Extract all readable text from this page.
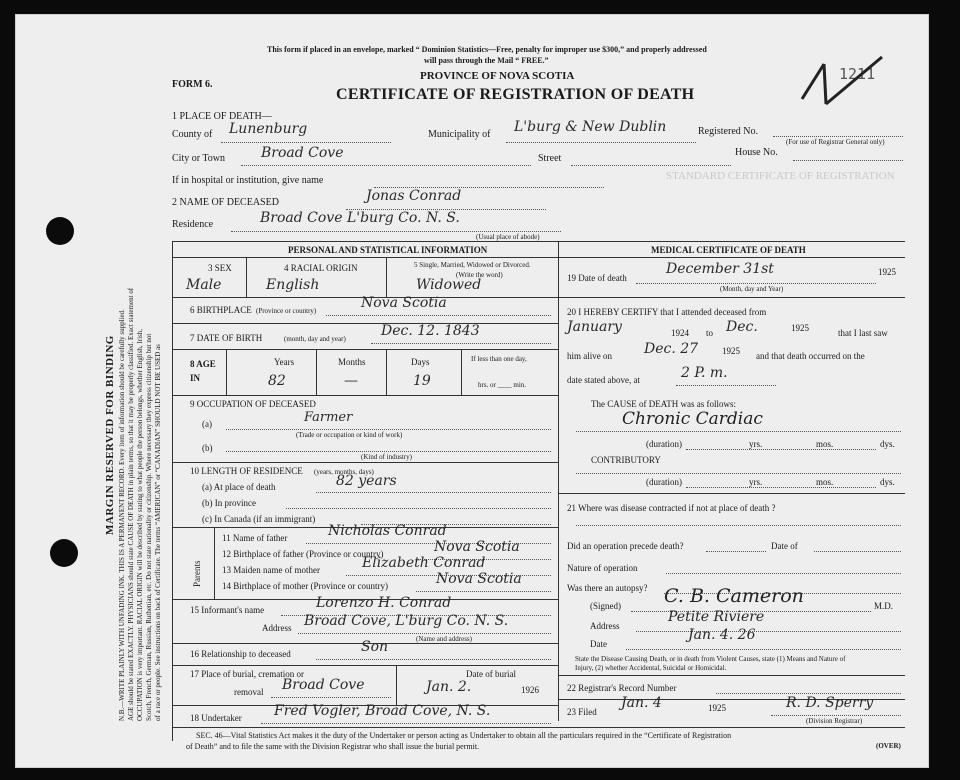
MARGIN RESERVED FOR BINDING N.B.—WRITE PLAINLY WITH UNFADING INK. THIS IS A PERMANENT RECORD. Every item of information should be carefully supplied. AGE should be stated EXACTLY. PHYSICIANS should state CAUSE OF DEATH in plain terms, so that it may be properly classified. Exact statement of OCCUPATION is very important. RACIAL ORIGIN will be described by stating to what people the person belongs, whether English, Irish, Scotch, French, German, Russian, Ruthenian, etc. Do not state nationality or citizenship. Where necessary they express citizenship but not of a race or people. See instructions on back of Certificate. The terms “AMERICAN” or “CANADIAN” SHOULD NOT BE USED as
This form if placed in an envelope, marked “ Dominion Statistics—Free, penalty for improper use $300,” and properly addressed
will pass through the Mail “ FREE.”
FORM 6.
PROVINCE OF NOVA SCOTIA
CERTIFICATE OF REGISTRATION OF DEATH
1211
1 PLACE OF DEATH—
County of Lunenburg	Municipality of L'burg & New Dublin	Registered No.
(For use of Registrar General only)
City or Town	Broad Cove	Street
House No.
If in hospital or institution, give name
2 NAME OF DECEASED	Jonas Conrad
Residence	Broad Cove L'burg Co. N. S.
(Usual place of abode)
STANDARD CERTIFICATE OF REGISTRATION
PERSONAL AND STATISTICAL INFORMATION
3 SEX	4 RACIAL ORIGIN	5 Single, Married, Widowed or Divorced.
(Write the word)
Male	English	Widowed
6 BIRTHPLACE (Province or country)	Nova Scotia
7 DATE OF BIRTH	(month, day and year)	Dec. 12. 1843
8 AGE IN
Years	Months	Days	If less than one day,
82	—	19	hrs. or ____ min.
9 OCCUPATION OF DECEASED
(a)	Farmer
(Trade or occupation or kind of work)
(b)
(Kind of industry)
10 LENGTH OF RESIDENCE (years, months, days)
(a) At place of death	82 years
(b) In province
(c) In Canada (if an immigrant)
Parents
11 Name of father	Nicholas Conrad
12 Birthplace of father (Province or country)	Nova Scotia
13 Maiden name of mother	Elizabeth Conrad
14 Birthplace of mother (Province or country)	Nova Scotia
15 Informant's name	Lorenzo H. Conrad
Address Broad Cove, L'burg Co. N. S.
(Name and address)
16 Relationship to deceased	Son
17 Place of burial, cremation or
removal Broad Cove
Date of burial
Jan. 2.	1926
18 Undertaker Fred Vogler, Broad Cove, N. S.
MEDICAL CERTIFICATE OF DEATH
19 Date of death
December 31st	1925
(Month, day and Year)
20 I HEREBY CERTIFY that I attended deceased from
January	1924 to Dec.	1925	that I last saw
him alive on Dec. 27	1925 and that death occurred on the
date stated above, at	2 P. m.
The CAUSE of DEATH was as follows:
Chronic Cardiac
(duration)	yrs.	mos.	dys.
CONTRIBUTORY
(duration)	yrs.	mos.	dys.
21 Where was disease contracted if not at place of death ?
Did an operation precede death?	Date of
Nature of operation
Was there an autopsy?
(Signed) C. B. Cameron	M.D.
Address
Petite Riviere
Date
Jan. 4. 26
State the Disease Causing Death, or in death from Violent Causes, state (1) Means and Nature of
Injury, (2) whether Accidental, Suicidal or Homicidal.
22 Registrar's Record Number
23 Filed
Jan. 4	1925	R. D. Sperry
(Division Registrar)
SEC. 46—Vital Statistics Act makes it the duty of the Undertaker or person acting as Undertaker to obtain all the particulars required in the “Certificate of Registration
of Death” and to file the same with the Division Registrar who shall issue the burial permit.	(OVER)
